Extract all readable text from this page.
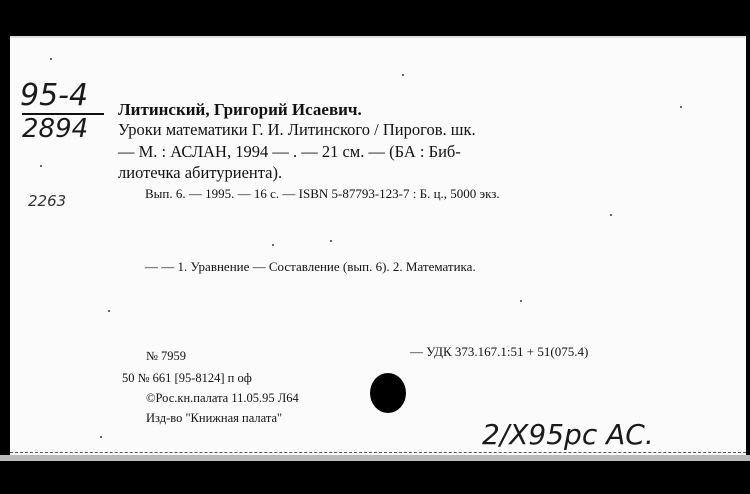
95-4
2894
2263
Литинский, Григорий Исаевич.
Уроки математики Г. И. Литинского / Пирогов. шк.
— М. : АСЛАН, 1994 — . — 21 см. — (БА : Биб-
лиотечка абитуриента).
Вып. 6. — 1995. — 16 с. — ISBN 5-87793-123-7 : Б. ц., 5000 экз.
— — 1. Уравнение — Составление (вып. 6). 2. Математика.
— УДК 373.167.1:51 + 51(075.4)
№ 7959
50 № 661 [95-8124] п оф
©Рос.кн.палата 11.05.95 Л64
Изд-во "Книжная палата"	2/Х95рс АС.
